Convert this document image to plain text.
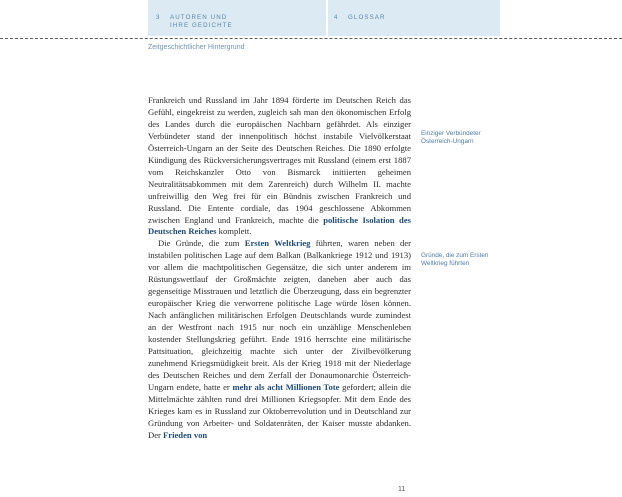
3 AUTOREN UND
IHRE GEDICHTE
4 GLOSSAR
Zeitgeschichtlicher Hintergrund

Frankreich und Russland im Jahr 1894 förderte im Deutschen Reich das Gefühl, eingekreist zu werden, zugleich sah man den ökonomischen Erfolg des Landes durch die europäischen Nachbarn gefährdet. Als einziger Verbündeter stand der innenpolitisch höchst instabile Vielvölkerstaat Österreich-Ungarn an der Seite des Deutschen Reiches. Die 1890 erfolgte Kündigung des Rückversicherungsvertrages mit Russland (einem erst 1887 vom Reichskanzler Otto von Bismarck initiierten geheimen Neutralitätsabkommen mit dem Zarenreich) durch Wilhelm II. machte unfreiwillig den Weg frei für ein Bündnis zwischen Frankreich und Russland. Die Entente cordiale, das 1904 geschlossene Abkommen zwischen England und Frankreich, machte die politische Isolation des Deutschen Reiches komplett.

Die Gründe, die zum Ersten Weltkrieg führten, waren neben der instabilen politischen Lage auf dem Balkan (Balkankriege 1912 und 1913) vor allem die machtpolitischen Gegensätze, die sich unter anderem im Rüstungswettlauf der Großmächte zeigten, daneben aber auch das gegenseitige Misstrauen und letztlich die Überzeugung, dass ein begrenzter europäischer Krieg die verworrene politische Lage würde lösen können. Nach anfänglichen militärischen Erfolgen Deutschlands wurde zumindest an der Westfront nach 1915 nur noch ein unzählige Menschenleben kostender Stellungskrieg geführt. Ende 1916 herrschte eine militärische Pattsituation, gleichzeitig machte sich unter der Zivilbevölkerung zunehmend Kriegsmüdigkeit breit. Als der Krieg 1918 mit der Niederlage des Deutschen Reiches und dem Zerfall der Donaumonarchie Österreich-Ungarn endete, hatte er mehr als acht Millionen Tote gefordert; allein die Mittelmächte zählten rund drei Millionen Kriegsopfer. Mit dem Ende des Krieges kam es in Russland zur Oktoberrevolution und in Deutschland zur Gründung von Arbeiter- und Soldatenräten, der Kaiser musste abdanken. Der Frieden von

Einziger Verbündeter Österreich-Ungarn
Gründe, die zum Ersten Weltkrieg führten
11
